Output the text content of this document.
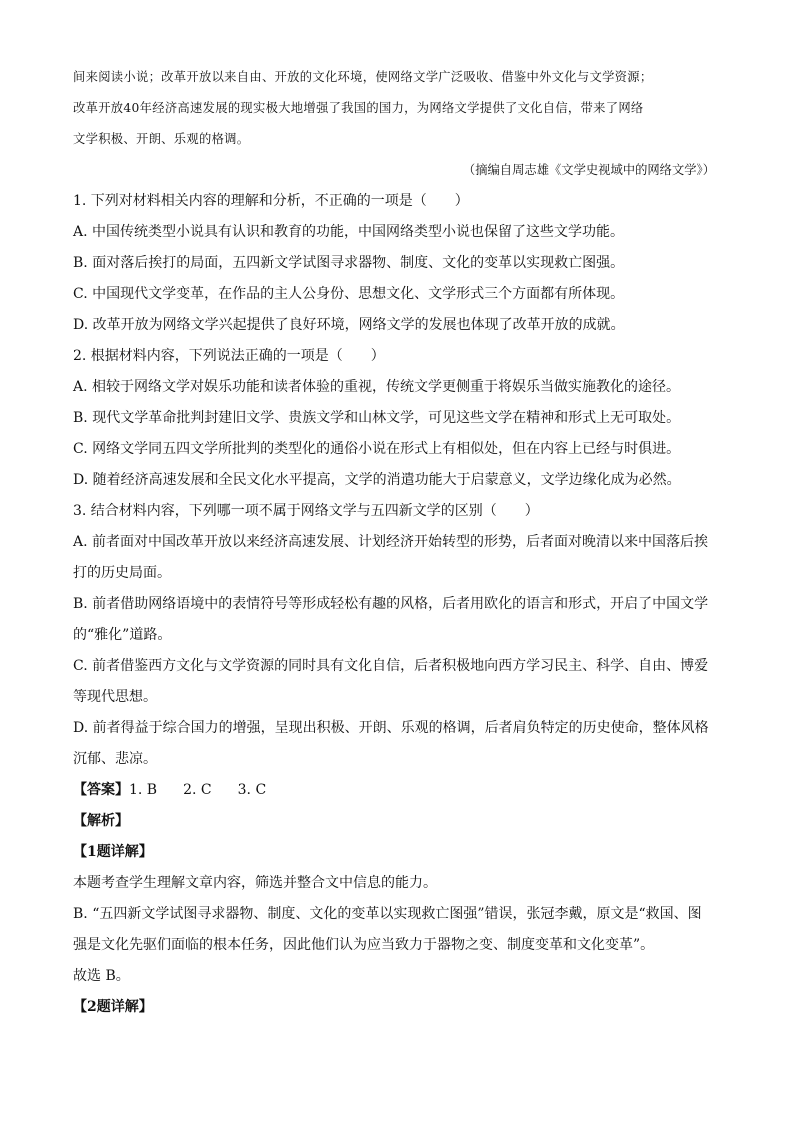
间来阅读小说；改革开放以来自由、开放的文化环境，使网络文学广泛吸收、借鉴中外文化与文学资源；
改革开放40年经济高速发展的现实极大地增强了我国的国力，为网络文学提供了文化自信，带来了网络
文学积极、开朗、乐观的格调。
（摘编自周志雄《文学史视域中的网络文学》）
1. 下列对材料相关内容的理解和分析，不正确的一项是（　　）
A. 中国传统类型小说具有认识和教育的功能，中国网络类型小说也保留了这些文学功能。
B. 面对落后挨打的局面，五四新文学试图寻求器物、制度、文化的变革以实现救亡图强。
C. 中国现代文学变革，在作品的主人公身份、思想文化、文学形式三个方面都有所体现。
D. 改革开放为网络文学兴起提供了良好环境，网络文学的发展也体现了改革开放的成就。
2. 根据材料内容，下列说法正确的一项是（　　）
A. 相较于网络文学对娱乐功能和读者体验的重视，传统文学更侧重于将娱乐当做实施教化的途径。
B. 现代文学革命批判封建旧文学、贵族文学和山林文学，可见这些文学在精神和形式上无可取处。
C. 网络文学同五四文学所批判的类型化的通俗小说在形式上有相似处，但在内容上已经与时俱进。
D. 随着经济高速发展和全民文化水平提高，文学的消遣功能大于启蒙意义，文学边缘化成为必然。
3. 结合材料内容，下列哪一项不属于网络文学与五四新文学的区别（　　）
A. 前者面对中国改革开放以来经济高速发展、计划经济开始转型的形势，后者面对晚清以来中国落后挨
打的历史局面。
B. 前者借助网络语境中的表情符号等形成轻松有趣的风格，后者用欧化的语言和形式，开启了中国文学
的“雅化”道路。
C. 前者借鉴西方文化与文学资源的同时具有文化自信，后者积极地向西方学习民主、科学、自由、博爱
等现代思想。
D. 前者得益于综合国力的增强，呈现出积极、开朗、乐观的格调，后者肩负特定的历史使命，整体风格
沉郁、悲凉。
【答案】1. B 2. C 3. C
【解析】
【1题详解】
本题考查学生理解文章内容，筛选并整合文中信息的能力。
B. “五四新文学试图寻求器物、制度、文化的变革以实现救亡图强”错误，张冠李戴，原文是“救国、图
强是文化先驱们面临的根本任务，因此他们认为应当致力于器物之变、制度变革和文化变革”。
故选 B。
【2题详解】
